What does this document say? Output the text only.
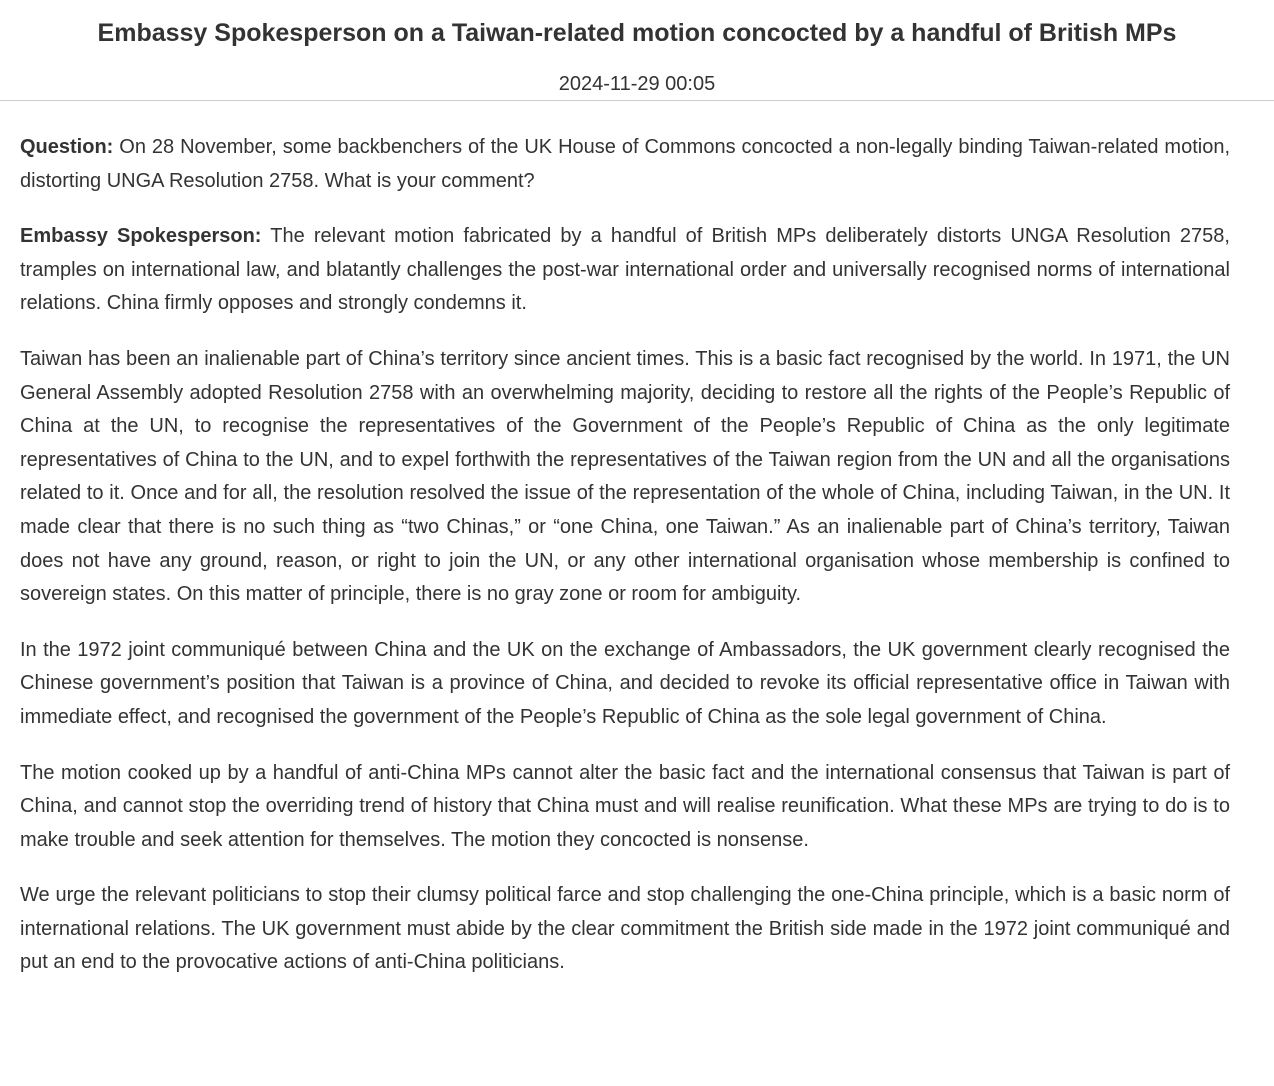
Embassy Spokesperson on a Taiwan-related motion concocted by a handful of British MPs
2024-11-29 00:05

Question: On 28 November, some backbenchers of the UK House of Commons concocted a non-legally binding Taiwan-related motion, distorting UNGA Resolution 2758. What is your comment?

Embassy Spokesperson: The relevant motion fabricated by a handful of British MPs deliberately distorts UNGA Resolution 2758, tramples on international law, and blatantly challenges the post-war international order and universally recognised norms of international relations. China firmly opposes and strongly condemns it.

Taiwan has been an inalienable part of China’s territory since ancient times. This is a basic fact recognised by the world. In 1971, the UN General Assembly adopted Resolution 2758 with an overwhelming majority, deciding to restore all the rights of the People’s Republic of China at the UN, to recognise the representatives of the Government of the People’s Republic of China as the only legitimate representatives of China to the UN, and to expel forthwith the representatives of the Taiwan region from the UN and all the organisations related to it. Once and for all, the resolution resolved the issue of the representation of the whole of China, including Taiwan, in the UN. It made clear that there is no such thing as “two Chinas,” or “one China, one Taiwan.” As an inalienable part of China’s territory, Taiwan does not have any ground, reason, or right to join the UN, or any other international organisation whose membership is confined to sovereign states. On this matter of principle, there is no gray zone or room for ambiguity.

In the 1972 joint communiqué between China and the UK on the exchange of Ambassadors, the UK government clearly recognised the Chinese government’s position that Taiwan is a province of China, and decided to revoke its official representative office in Taiwan with immediate effect, and recognised the government of the People’s Republic of China as the sole legal government of China.

The motion cooked up by a handful of anti-China MPs cannot alter the basic fact and the international consensus that Taiwan is part of China, and cannot stop the overriding trend of history that China must and will realise reunification. What these MPs are trying to do is to make trouble and seek attention for themselves. The motion they concocted is nonsense.

We urge the relevant politicians to stop their clumsy political farce and stop challenging the one-China principle, which is a basic norm of international relations. The UK government must abide by the clear commitment the British side made in the 1972 joint communiqué and put an end to the provocative actions of anti-China politicians.
